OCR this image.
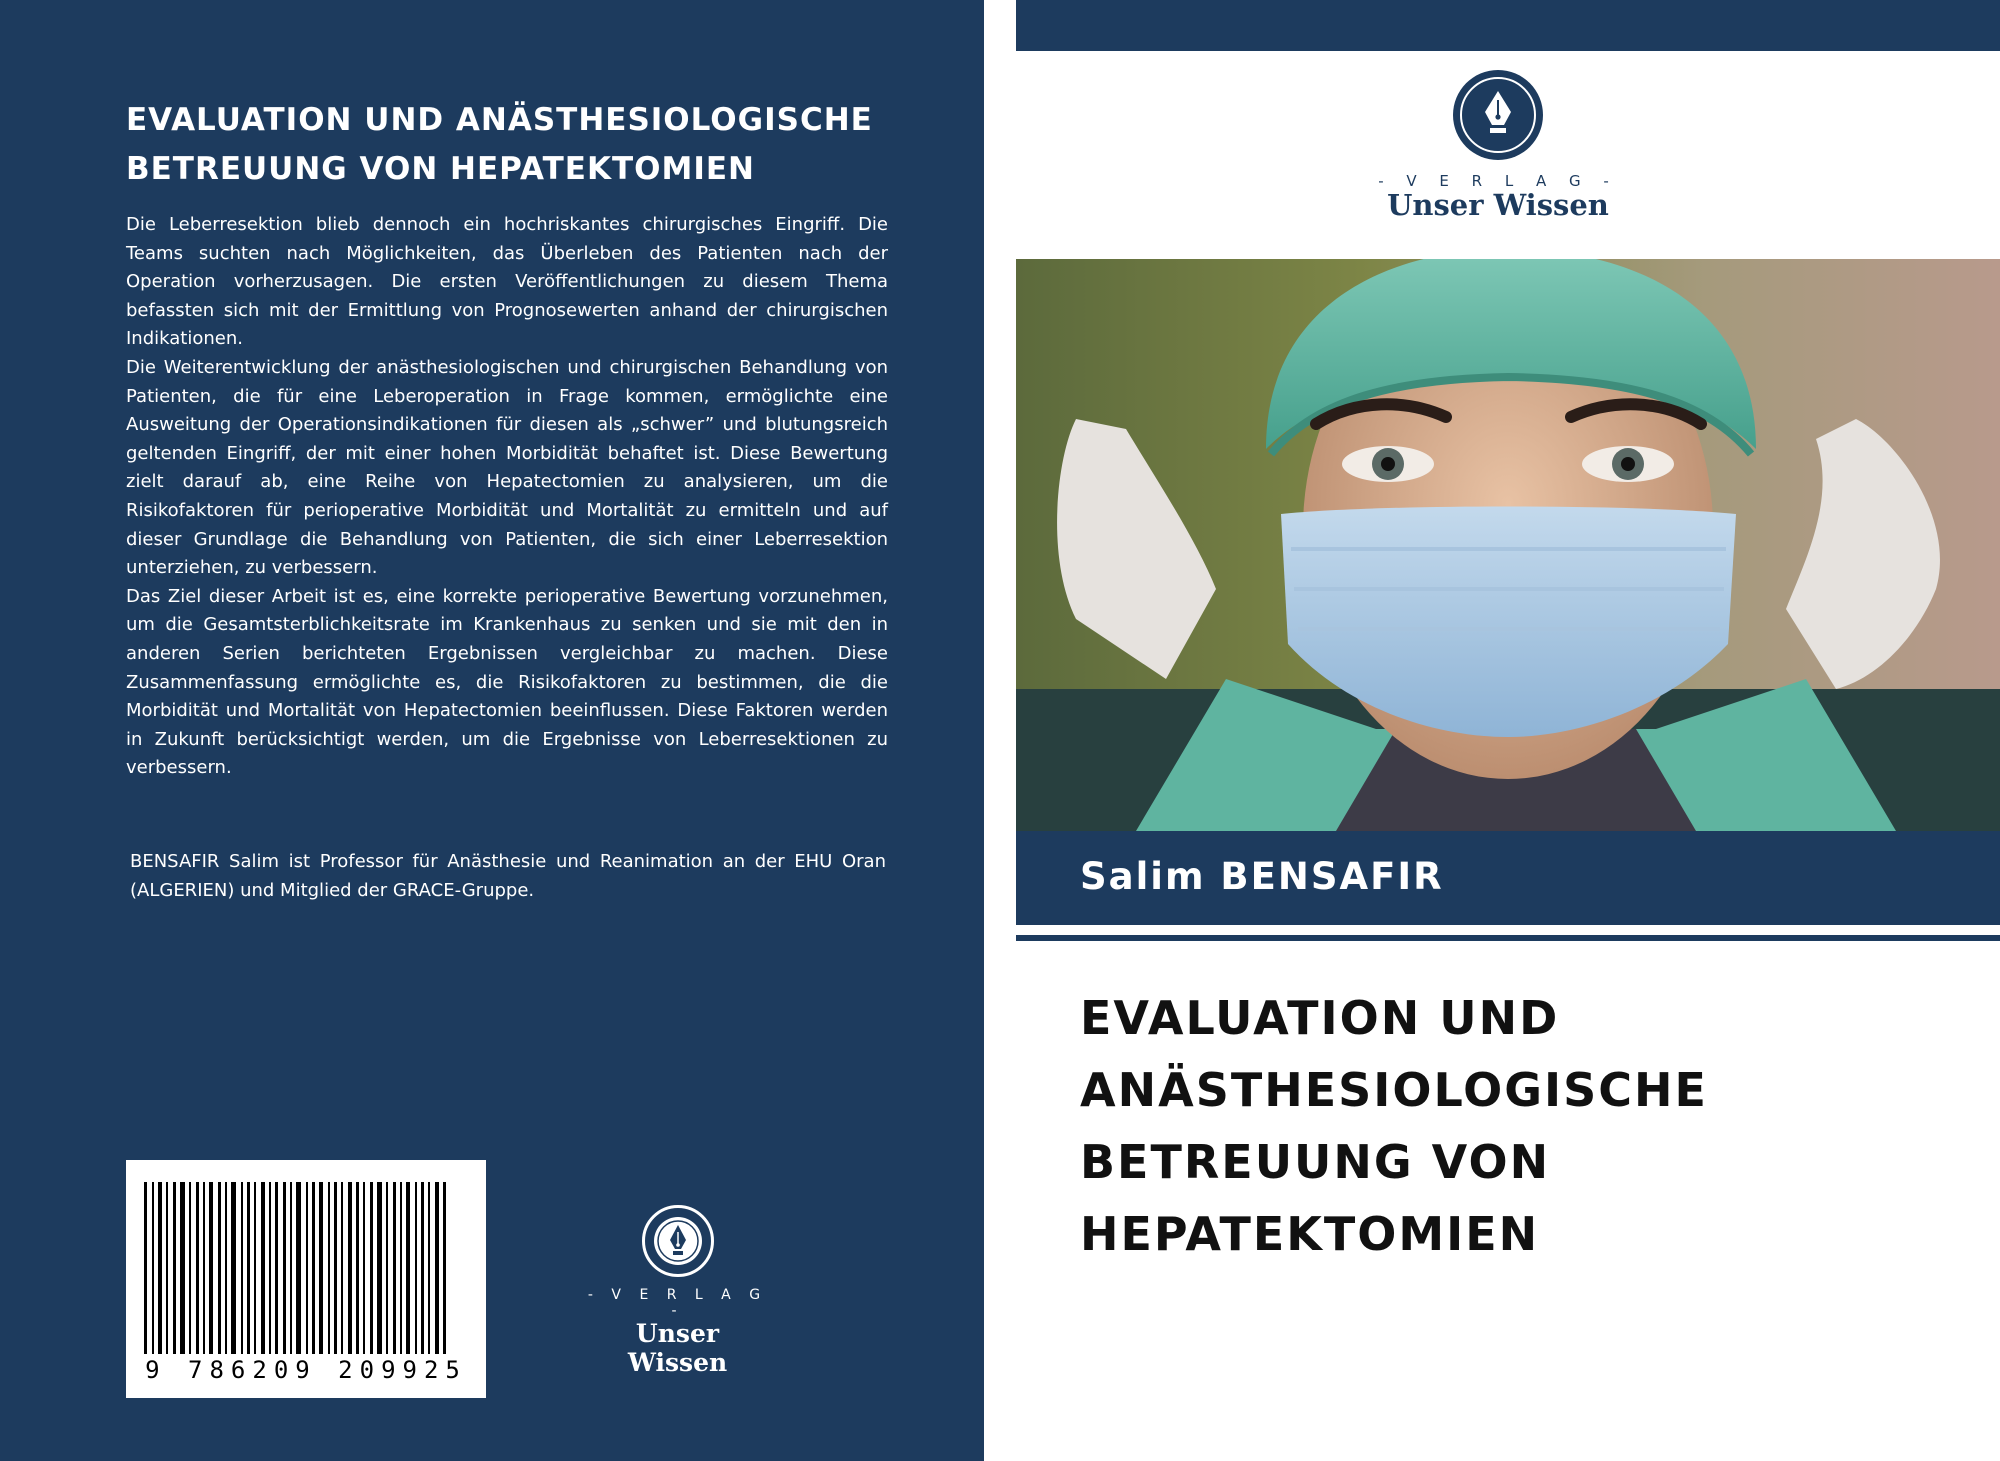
EVALUATION UND ANÄSTHESIOLOGISCHE BETREUUNG VON HEPATEKTOMIEN

Die Leberresektion blieb dennoch ein hochriskantes chirurgisches Eingriff. Die Teams suchten nach Möglichkeiten, das Überleben des Patienten nach der Operation vorherzusagen. Die ersten Veröffentlichungen zu diesem Thema befassten sich mit der Ermittlung von Prognosewerten anhand der chirurgischen Indikationen.

Die Weiterentwicklung der anästhesiologischen und chirurgischen Behandlung von Patienten, die für eine Leberoperation in Frage kommen, ermöglichte eine Ausweitung der Operationsindikationen für diesen als „schwer” und blutungsreich geltenden Eingriff, der mit einer hohen Morbidität behaftet ist. Diese Bewertung zielt darauf ab, eine Reihe von Hepatectomien zu analysieren, um die Risikofaktoren für perioperative Morbidität und Mortalität zu ermitteln und auf dieser Grundlage die Behandlung von Patienten, die sich einer Leberresektion unterziehen, zu verbessern.

Das Ziel dieser Arbeit ist es, eine korrekte perioperative Bewertung vorzunehmen, um die Gesamtsterblichkeitsrate im Krankenhaus zu senken und sie mit den in anderen Serien berichteten Ergebnissen vergleichbar zu machen. Diese Zusammenfassung ermöglichte es, die Risikofaktoren zu bestimmen, die die Morbidität und Mortalität von Hepatectomien beeinflussen. Diese Faktoren werden in Zukunft berücksichtigt werden, um die Ergebnisse von Leberresektionen zu verbessern.

BENSAFIR Salim ist Professor für Anästhesie und Reanimation an der EHU Oran (ALGERIEN) und Mitglied der GRACE-Gruppe.

9 786209 209925
- V E R L A G -
Unser Wissen
- V E R L A G -
Unser Wissen
Salim BENSAFIR
EVALUATION UND
ANÄSTHESIOLOGISCHE
BETREUUNG VON
HEPATEKTOMIEN
